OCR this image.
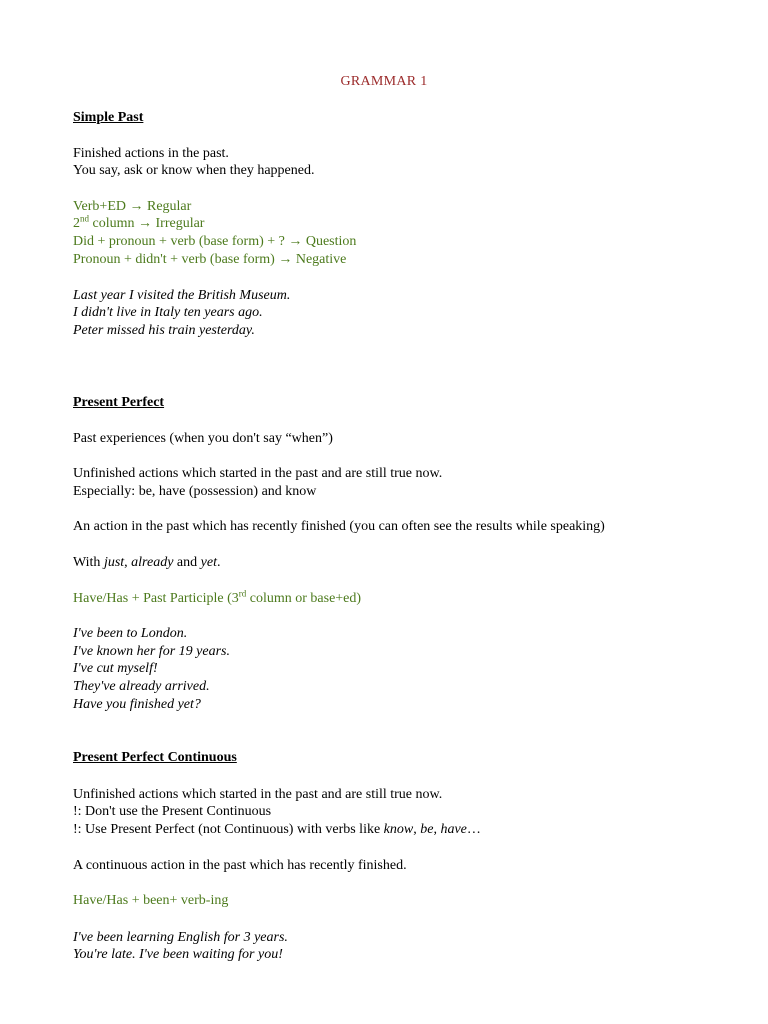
GRAMMAR 1
Simple Past
Finished actions in the past.
You say, ask or know when they happened.
Verb+ED → Regular
2nd column → Irregular
Did + pronoun + verb (base form) + ? → Question
Pronoun + didn't + verb (base form) → Negative
Last year I visited the British Museum.
I didn't live in Italy ten years ago.
Peter missed his train yesterday.
Present Perfect
Past experiences (when you don't say “when”)
Unfinished actions which started in the past and are still true now.
Especially: be, have (possession) and know
An action in the past which has recently finished (you can often see the results while speaking)
With just, already and yet.
Have/Has + Past Participle (3rd column or base+ed)
I've been to London.
I've known her for 19 years.
I've cut myself!
They've already arrived.
Have you finished yet?
Present Perfect Continuous
Unfinished actions which started in the past and are still true now.
!: Don't use the Present Continuous
!: Use Present Perfect (not Continuous) with verbs like know, be, have…
A continuous action in the past which has recently finished.
Have/Has + been+ verb-ing
I've been learning English for 3 years.
You're late. I've been waiting for you!
